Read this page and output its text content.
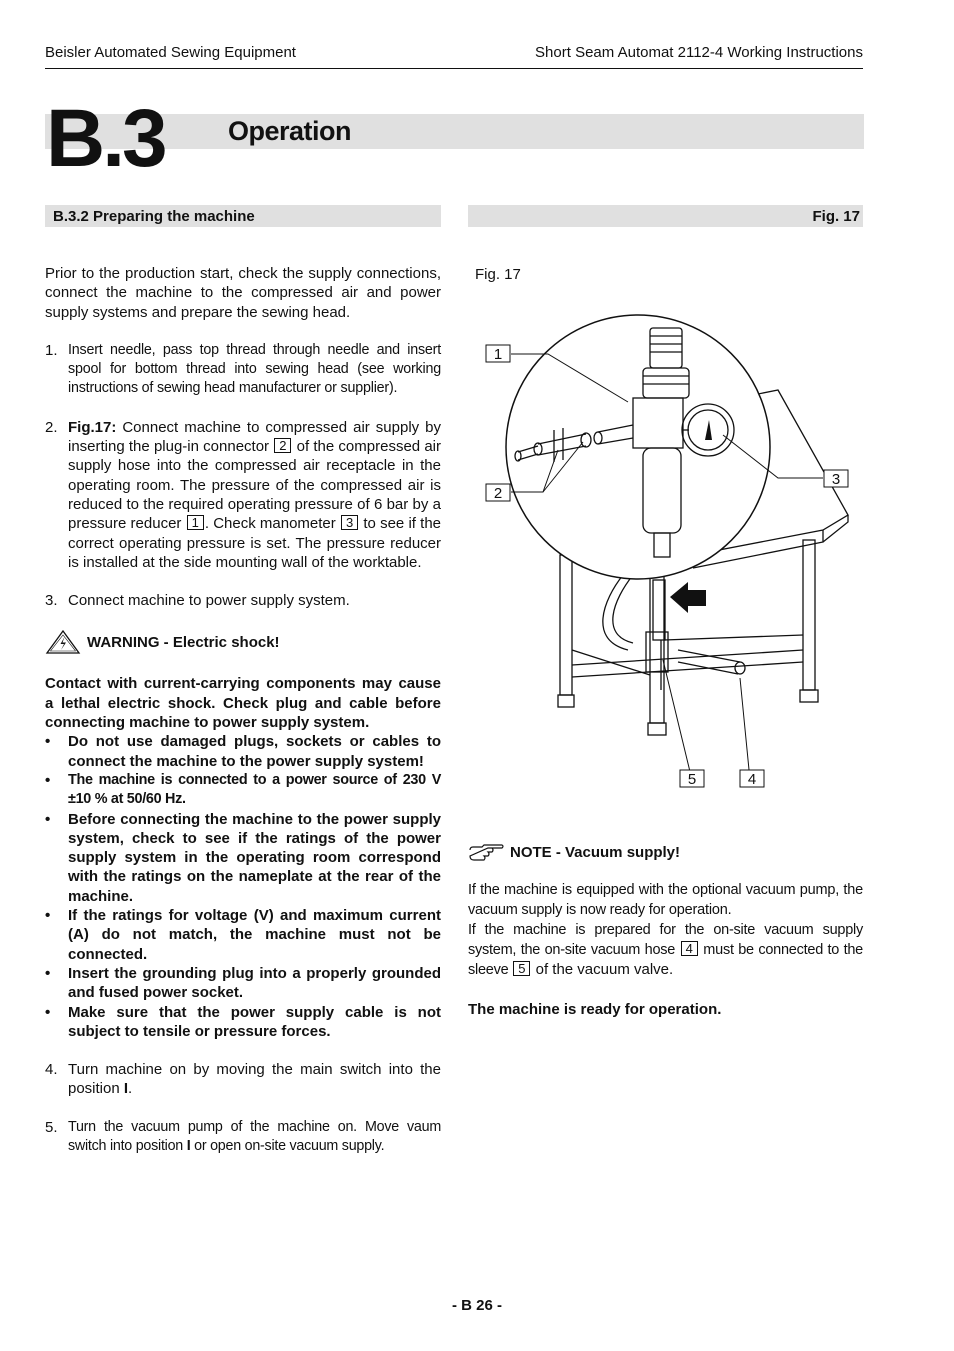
Beisler Automated Sewing Equipment	Short Seam Automat 2112-4 Working Instructions
B.3 Operation
B.3.2 Preparing the machine	Fig. 17

Prior to the production start, check the supply connections, connect the machine to the compressed air and power supply systems and prepare the sewing head.

1. Insert needle, pass top thread through needle and insert spool for bottom thread into sewing head (see working instructions of sewing head manufacturer or supplier).
2. Fig.17: Connect machine to compressed air supply by inserting the plug-in connector 2 of the compressed air supply hose into the compressed air receptacle in the operating room. The pressure of the compressed air is reduced to the required operating pressure of 6 bar by a pressure reducer 1 . Check manometer 3 to see if the correct operating pressure is set. The pressure reducer is installed at the side mounting wall of the worktable.
3. Connect machine to power supply system.
WARNING - Electric shock!

Contact with current-carrying components may cause a lethal electric shock. Check plug and cable before connecting machine to power supply system.

•	Do not use damaged plugs, sockets or cables to connect the machine to the power supply system!
•	The machine is connected to a power source of 230 V ±10 % at 50/60 Hz.
•	Before connecting the machine to the power supply system, check to see if the ratings of the power supply system in the operating room correspond with the ratings on the nameplate at the rear of the machine.
•	If the ratings for voltage (V) and maximum current (A) do not match, the machine must not be connected.
•	Insert the grounding plug into a properly grounded and fused power socket.
•	Make sure that the power supply cable is not subject to tensile or pressure forces.
4. Turn machine on by moving the main switch into the position I.
5. Turn the vacuum pump of the machine on. Move vaum switch into position I or open on-site vacuum supply.
Fig. 17
1
2
3
4
5
NOTE - Vacuum supply!

If the machine is equipped with the optional vacuum pump, the vacuum supply is now ready for operation.

If the machine is prepared for the on-site vacuum supply system, the on-site vacuum hose 4 must be connected to the sleeve 5 of the vacuum valve.

The machine is ready for operation.

- B 26 -
